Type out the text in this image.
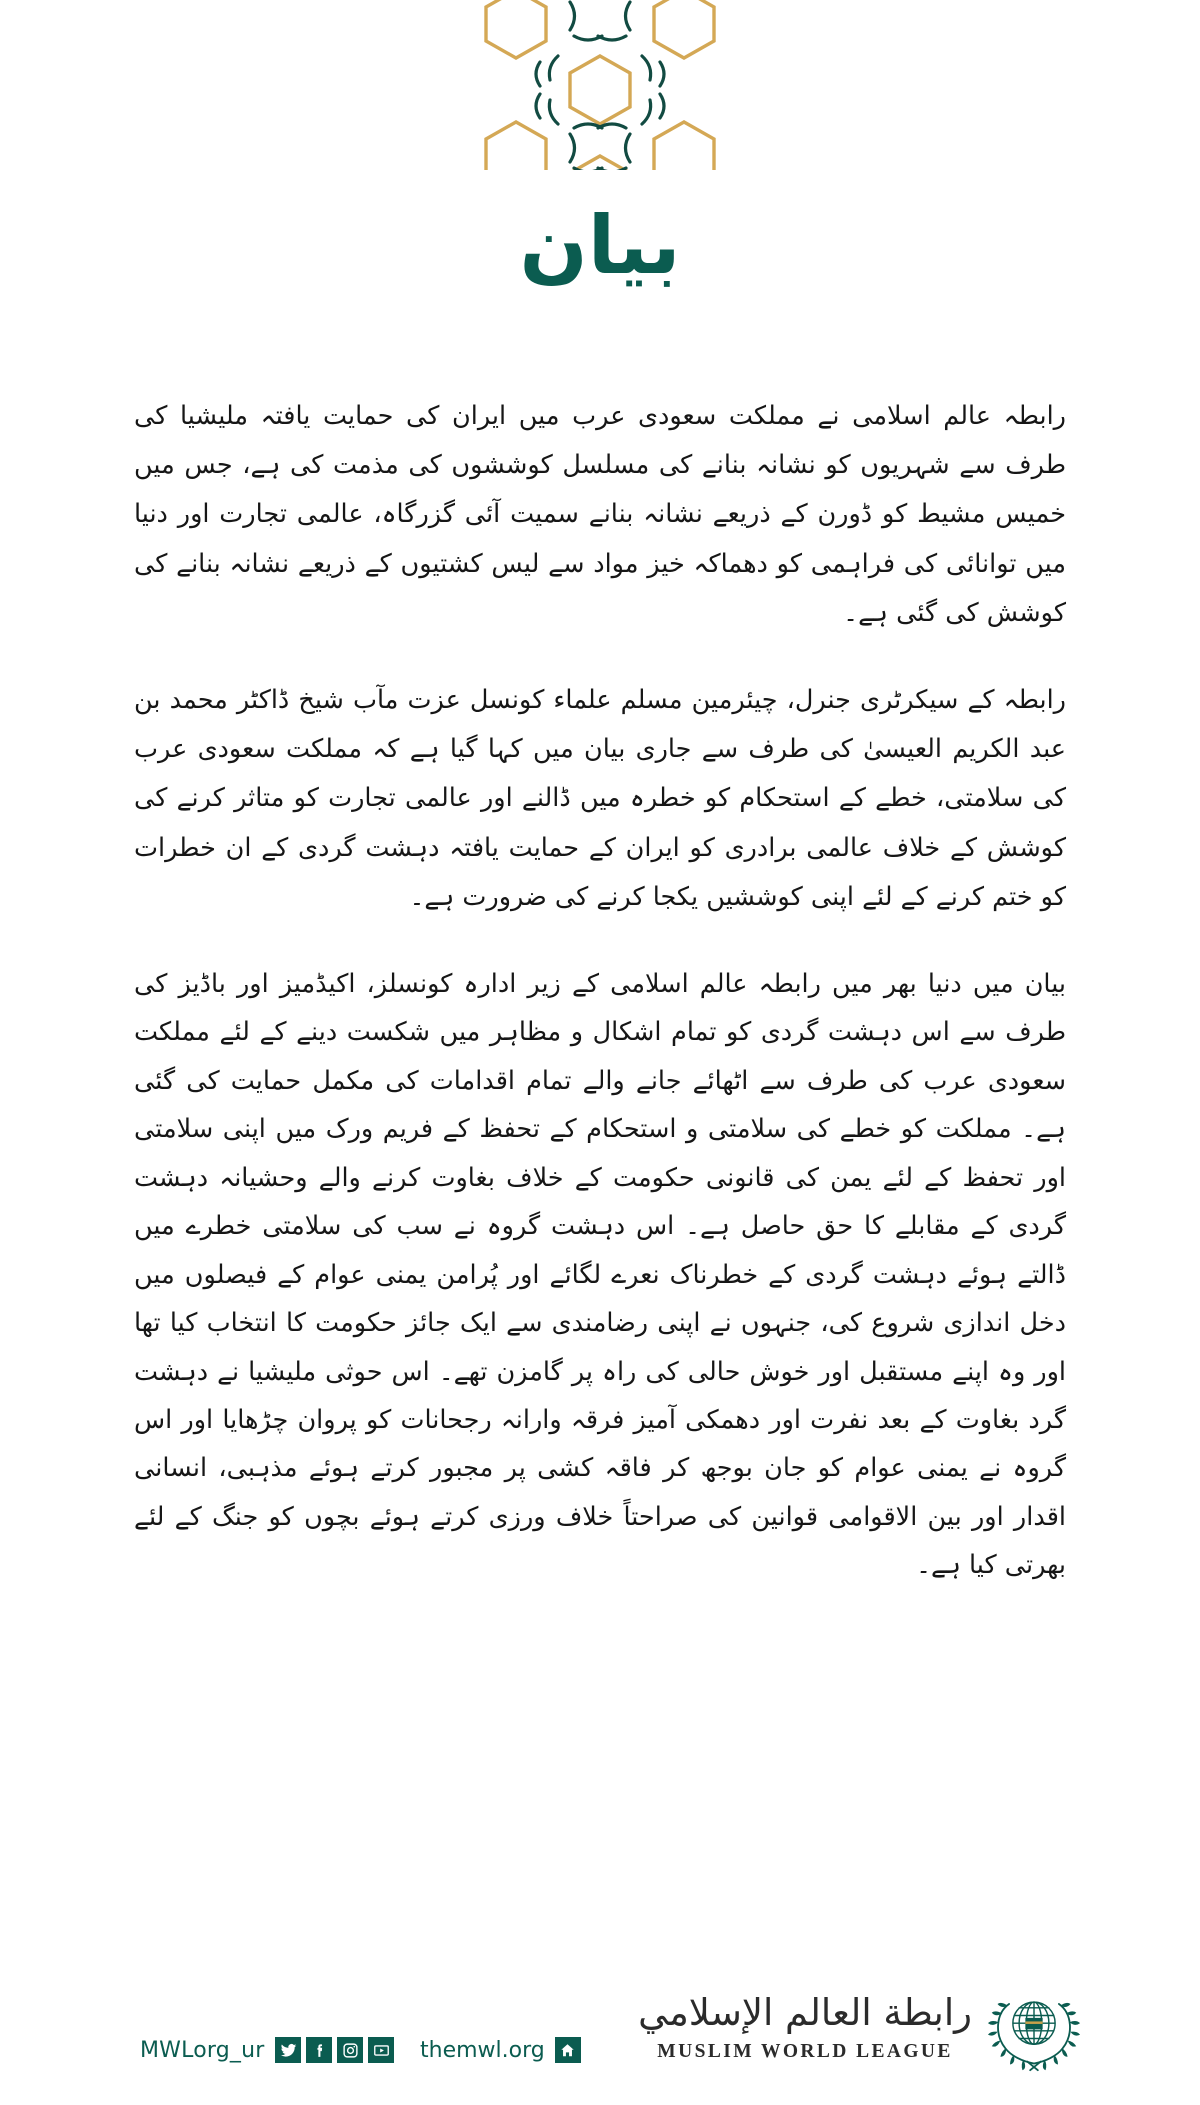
بیان

رابطہ عالم اسلامی نے مملکت سعودی عرب میں ایران کی حمایت یافتہ ملیشیا کی طرف سے شہریوں کو نشانہ بنانے کی مسلسل کوششوں کی مذمت کی ہے، جس میں خمیس مشیط کو ڈورن کے ذریعے نشانہ بنانے سمیت آئی گزرگاہ، عالمی تجارت اور دنیا میں توانائی کی فراہمی کو دھماکہ خیز مواد سے لیس کشتیوں کے ذریعے نشانہ بنانے کی کوشش کی گئی ہے۔

رابطہ کے سیکرٹری جنرل، چیئرمین مسلم علماء کونسل عزت مآب شیخ ڈاکٹر محمد بن عبد الکریم العیسیٰ کی طرف سے جاری بیان میں کہا گیا ہے کہ مملکت سعودی عرب کی سلامتی، خطے کے استحکام کو خطرہ میں ڈالنے اور عالمی تجارت کو متاثر کرنے کی کوشش کے خلاف عالمی برادری کو ایران کے حمایت یافتہ دہشت گردی کے ان خطرات کو ختم کرنے کے لئے اپنی کوششیں یکجا کرنے کی ضرورت ہے۔

بیان میں دنیا بھر میں رابطہ عالم اسلامی کے زیر ادارہ کونسلز، اکیڈمیز اور باڈیز کی طرف سے اس دہشت گردی کو تمام اشکال و مظاہر میں شکست دینے کے لئے مملکت سعودی عرب کی طرف سے اٹھائے جانے والے تمام اقدامات کی مکمل حمایت کی گئی ہے۔ مملکت کو خطے کی سلامتی و استحکام کے تحفظ کے فریم ورک میں اپنی سلامتی اور تحفظ کے لئے یمن کی قانونی حکومت کے خلاف بغاوت کرنے والے وحشیانہ دہشت گردی کے مقابلے کا حق حاصل ہے۔ اس دہشت گروہ نے سب کی سلامتی خطرے میں ڈالتے ہوئے دہشت گردی کے خطرناک نعرے لگائے اور پُرامن یمنی عوام کے فیصلوں میں دخل اندازی شروع کی، جنہوں نے اپنی رضامندی سے ایک جائز حکومت کا انتخاب کیا تھا اور وہ اپنے مستقبل اور خوش حالی کی راہ پر گامزن تھے۔ اس حوثی ملیشیا نے دہشت گرد بغاوت کے بعد نفرت اور دھمکی آمیز فرقہ وارانہ رجحانات کو پروان چڑھایا اور اس گروہ نے یمنی عوام کو جان بوجھ کر فاقہ کشی پر مجبور کرتے ہوئے مذہبی، انسانی اقدار اور بین الاقوامی قوانین کی صراحتاً خلاف ورزی کرتے ہوئے بچوں کو جنگ کے لئے بھرتی کیا ہے۔

MWLorg_ur	themwl.org
رابطة العالم الإسلامي
MUSLIM WORLD LEAGUE
